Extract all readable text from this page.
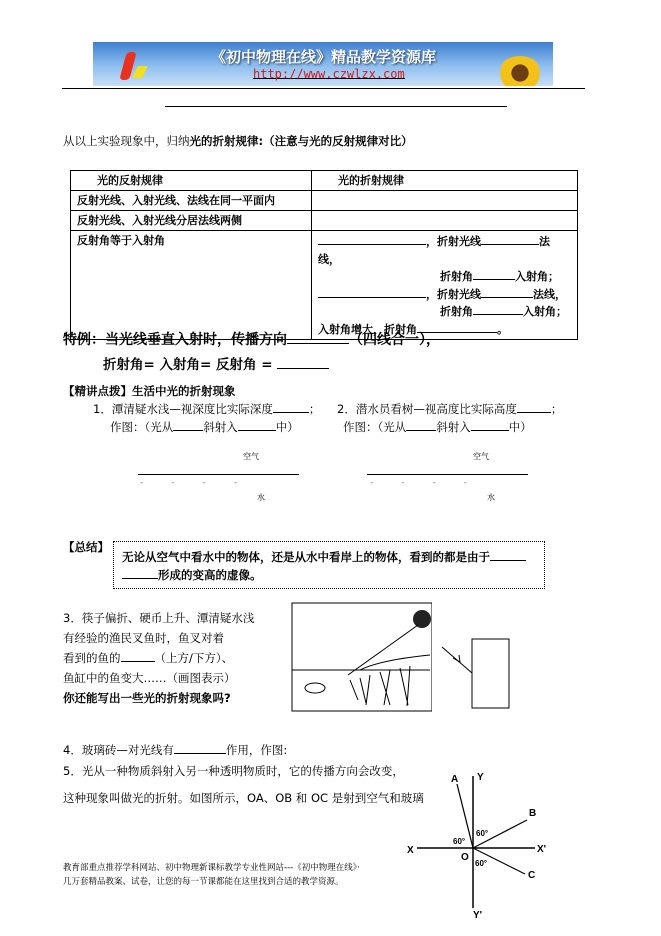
《初中物理在线》精品教学资源库
http://www.czwlzx.com
从以上实验现象中，归纳光的折射规律:（注意与光的反射规律对比）
光的反射规律	光的折射规律
反射光线、入射光线、法线在同一平面内	
反射光线、入射光线分居法线两侧	
反射角等于入射角	，折射光线 法线，
折射角 入射角；
，折射光线 法线，
折射角 入射角；
入射角增大，折射角 。
特例：当光线垂直入射时，传播方向	（四线合一），
折射角= 入射角= 反射角 =
【精讲点拨】生活中光的折射现象
1．潭清疑水浅—视深度比实际深度	； 2．潜水员看树—视高度比实际高度	；
作图：（光从	斜射入	中）	作图：（光从	斜射入	中）
空气
水
空气
水
----	----
【总结】
无论从空气中看水中的物体，还是从水中看岸上的物体，看到的都是由于
形成的变高的虚像。
3．筷子偏折、硬币上升、潭清疑水浅
有经验的渔民叉鱼时，鱼叉对着
看到的鱼的	（上方/下方）、
鱼缸中的鱼变大……（画图表示）
你还能写出一些光的折射现象吗?
4．玻璃砖—对光线有	作用，作图:
5．光从一种物质斜射入另一种透明物质时，它的传播方向会改变，
这种现象叫做光的折射。如图所示，OA、OB 和 OC 是射到空气和玻璃
A Y
B
X	X'
O
C
Y'
60°
60°
60°
教育部重点推荐学科网站、初中物理新课标教学专业性网站---《初中物理在线》·
几万套精品教案、试卷，让您的每一节课都能在这里找到合适的教学资源。
